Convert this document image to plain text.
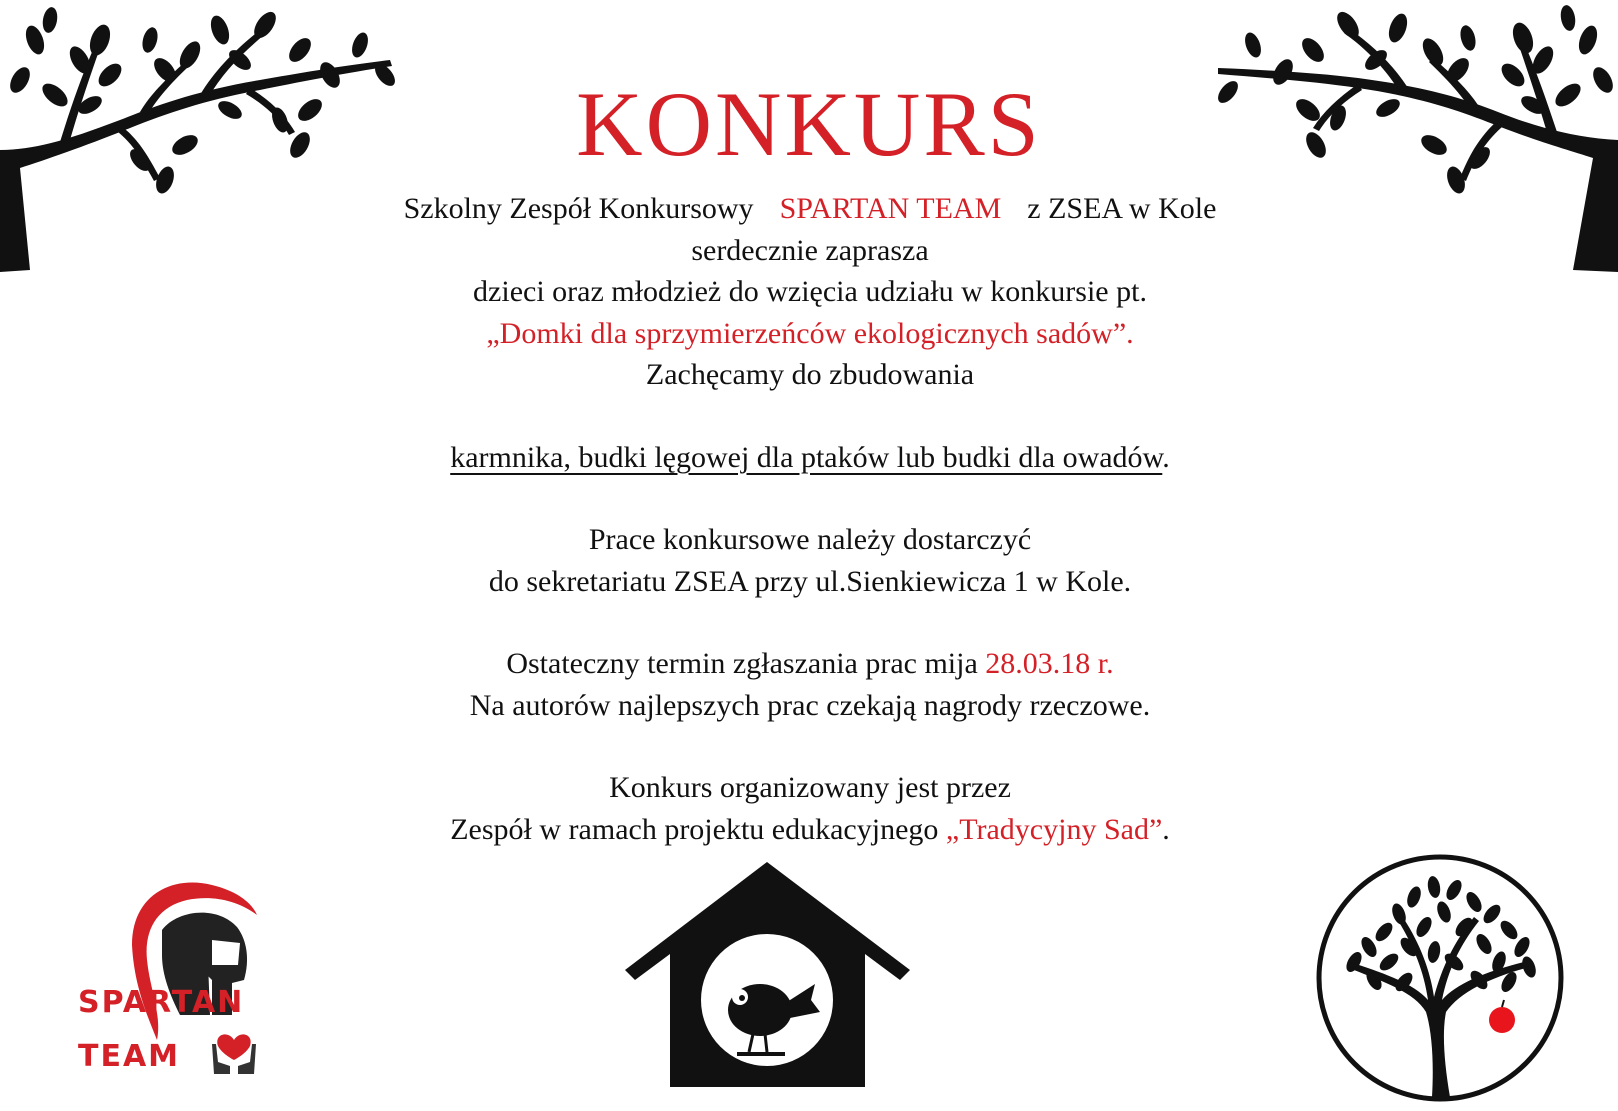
KONKURS

Szkolny Zespół Konkursowy SPARTAN TEAM z ZSEA w Kole

serdecznie zaprasza

dzieci oraz młodzież do wzięcia udziału w konkursie pt.

„Domki dla sprzymierzeńców ekologicznych sadów”.

Zachęcamy do zbudowania

karmnika, budki lęgowej dla ptaków lub budki dla owadów.

Prace konkursowe należy dostarczyć

do sekretariatu ZSEA przy ul.Sienkiewicza 1 w Kole.

Ostateczny termin zgłaszania prac mija 28.03.18 r.

Na autorów najlepszych prac czekają nagrody rzeczowe.

Konkurs organizowany jest przez

Zespół w ramach projektu edukacyjnego „Tradycyjny Sad”.

SPARTAN
TEAM
